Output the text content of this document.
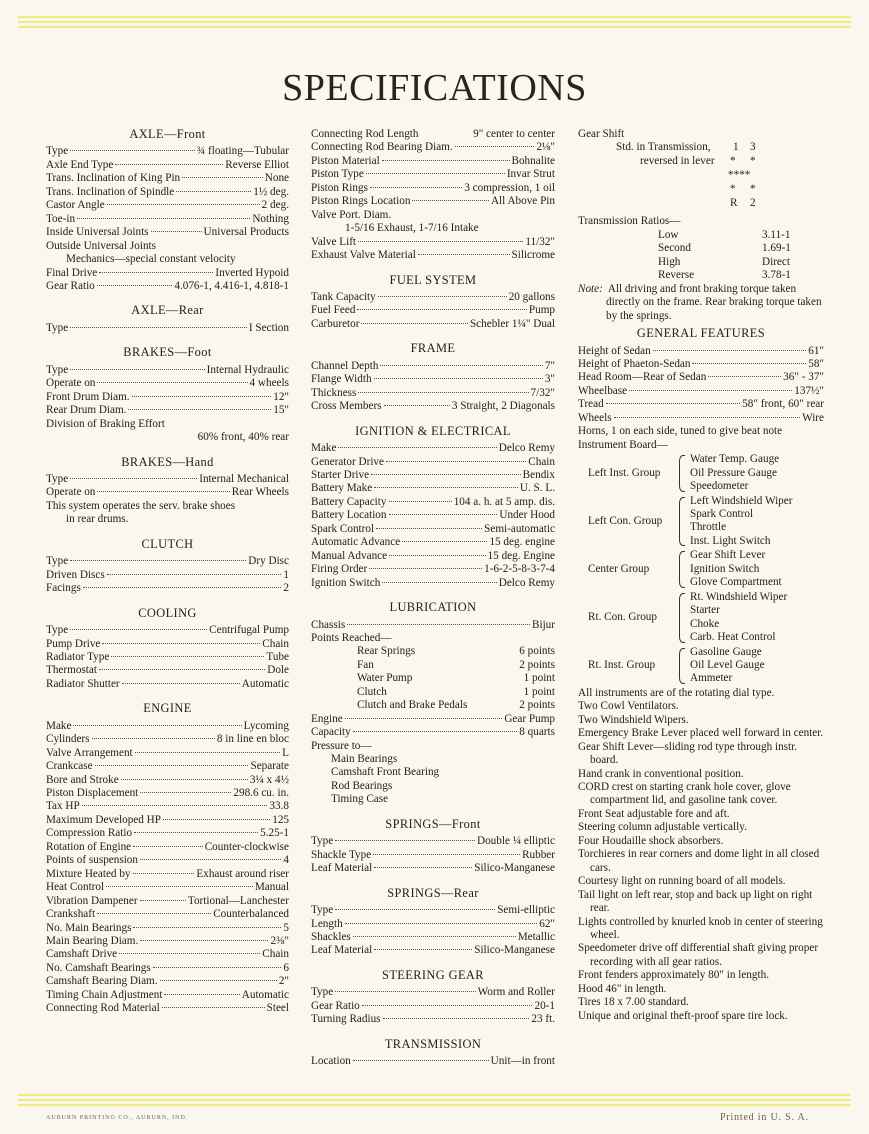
SPECIFICATIONS
AXLE—Front
Type	¾ floating—Tubular
Axle End Type	Reverse Elliot
Trans. Inclination of King Pin	None
Trans. Inclination of Spindle	1½ deg.
Castor Angle	2 deg.
Toe-in	Nothing
Inside Universal Joints	Universal Products
Outside Universal Joints
Mechanics—special constant velocity
Final Drive	Inverted Hypoid
Gear Ratio	4.076-1, 4.416-1, 4.818-1
AXLE—Rear
Type	I Section
BRAKES—Foot
Type	Internal Hydraulic
Operate on	4 wheels
Front Drum Diam.	12"
Rear Drum Diam.	15"
Division of Braking Effort
60% front, 40% rear
BRAKES—Hand
Type	Internal Mechanical
Operate on	Rear Wheels
This system operates the serv. brake shoes
in rear drums.
CLUTCH
Type	Dry Disc
Driven Discs	1
Facings	2
COOLING
Type	Centrifugal Pump
Pump Drive	Chain
Radiator Type	Tube
Thermostat	Dole
Radiator Shutter	Automatic
ENGINE
Make	Lycoming
Cylinders	8 in line en bloc
Valve Arrangement	L
Crankcase	Separate
Bore and Stroke	3¼ x 4½
Piston Displacement	298.6 cu. in.
Tax HP	33.8
Maximum Developed HP	125
Compression Ratio	5.25-1
Rotation of Engine	Counter-clockwise
Points of suspension	4
Mixture Heated by	Exhaust around riser
Heat Control	Manual
Vibration Dampener	Tortional—Lanchester
Crankshaft	Counterbalanced
No. Main Bearings	5
Main Bearing Diam.	2⅜"
Camshaft Drive	Chain
No. Camshaft Bearings	6
Camshaft Bearing Diam.	2"
Timing Chain Adjustment	Automatic
Connecting Rod Material	Steel
Connecting Rod Length	9" center to center
Connecting Rod Bearing Diam.	2⅛"
Piston Material	Bohnalite
Piston Type	Invar Strut
Piston Rings	3 compression, 1 oil
Piston Rings Location	All Above Pin
Valve Port. Diam.
1-5/16 Exhaust, 1-7/16 Intake
Valve Lift	11/32"
Exhaust Valve Material	Silicrome
FUEL SYSTEM
Tank Capacity	20 gallons
Fuel Feed	Pump
Carburetor	Schebler 1¼" Dual
FRAME
Channel Depth	7"
Flange Width	3"
Thickness	7/32"
Cross Members	3 Straight, 2 Diagonals
IGNITION & ELECTRICAL
Make	Delco Remy
Generator Drive	Chain
Starter Drive	Bendix
Battery Make	U. S. L.
Battery Capacity	104 a. h. at 5 amp. dis.
Battery Location	Under Hood
Spark Control	Semi-automatic
Automatic Advance	15 deg. engine
Manual Advance	15 deg. Engine
Firing Order	1-6-2-5-8-3-7-4
Ignition Switch	Delco Remy
LUBRICATION
Chassis	Bijur
Points Reached—
Rear Springs	6 points
Fan	2 points
Water Pump	1 point
Clutch	1 point
Clutch and Brake Pedals	2 points
Engine	Gear Pump
Capacity	8 quarts
Pressure to—
Main Bearings
Camshaft Front Bearing
Rod Bearings
Timing Case
SPRINGS—Front
Type	Double ¼ elliptic
Shackle Type	Rubber
Leaf Material	Silico-Manganese
SPRINGS—Rear
Type	Semi-elliptic
Length	62"
Shackles	Metallic
Leaf Material	Silico-Manganese
STEERING GEAR
Type	Worm and Roller
Gear Ratio	20-1
Turning Radius	23 ft.
TRANSMISSION
Location	Unit—in front
Gear Shift
Std. in Transmission, 1 3
reversed in lever * *
****
* *
R 2
Transmission Ratios—
Low	3.11-1
Second	1.69-1
High	Direct
Reverse	3.78-1
Note: All driving and front braking torque taken directly on the frame. Rear braking torque taken by the springs.
GENERAL FEATURES
Height of Sedan	61"
Height of Phaeton-Sedan	58"
Head Room—Rear of Sedan	36" - 37"
Wheelbase	137½"
Tread	58" front, 60" rear
Wheels	Wire
Horns, 1 on each side, tuned to give beat note
Instrument Board—
Left Inst. Group
Water Temp. Gauge
Oil Pressure Gauge
Speedometer
Left Con. Group
Left Windshield Wiper
Spark Control
Throttle
Inst. Light Switch
Center Group
Gear Shift Lever
Ignition Switch
Glove Compartment
Rt. Con. Group
Rt. Windshield Wiper
Starter
Choke
Carb. Heat Control
Rt. Inst. Group
Gasoline Gauge
Oil Level Gauge
Ammeter
All instruments are of the rotating dial type.
Two Cowl Ventilators.
Two Windshield Wipers.
Emergency Brake Lever placed well forward in center.
Gear Shift Lever—sliding rod type through instr. board.
Hand crank in conventional position.
CORD crest on starting crank hole cover, glove compartment lid, and gasoline tank cover.
Front Seat adjustable fore and aft.
Steering column adjustable vertically.
Four Houdaille shock absorbers.
Torchieres in rear corners and dome light in all closed cars.
Courtesy light on running board of all models.
Tail light on left rear, stop and back up light on right rear.
Lights controlled by knurled knob in center of steering wheel.
Speedometer drive off differential shaft giving proper recording with all gear ratios.
Front fenders approximately 80" in length.
Hood 46" in length.
Tires 18 x 7.00 standard.
Unique and original theft-proof spare tire lock.
AUBURN PRINTING CO., AUBURN, IND.	Printed in U. S. A.
